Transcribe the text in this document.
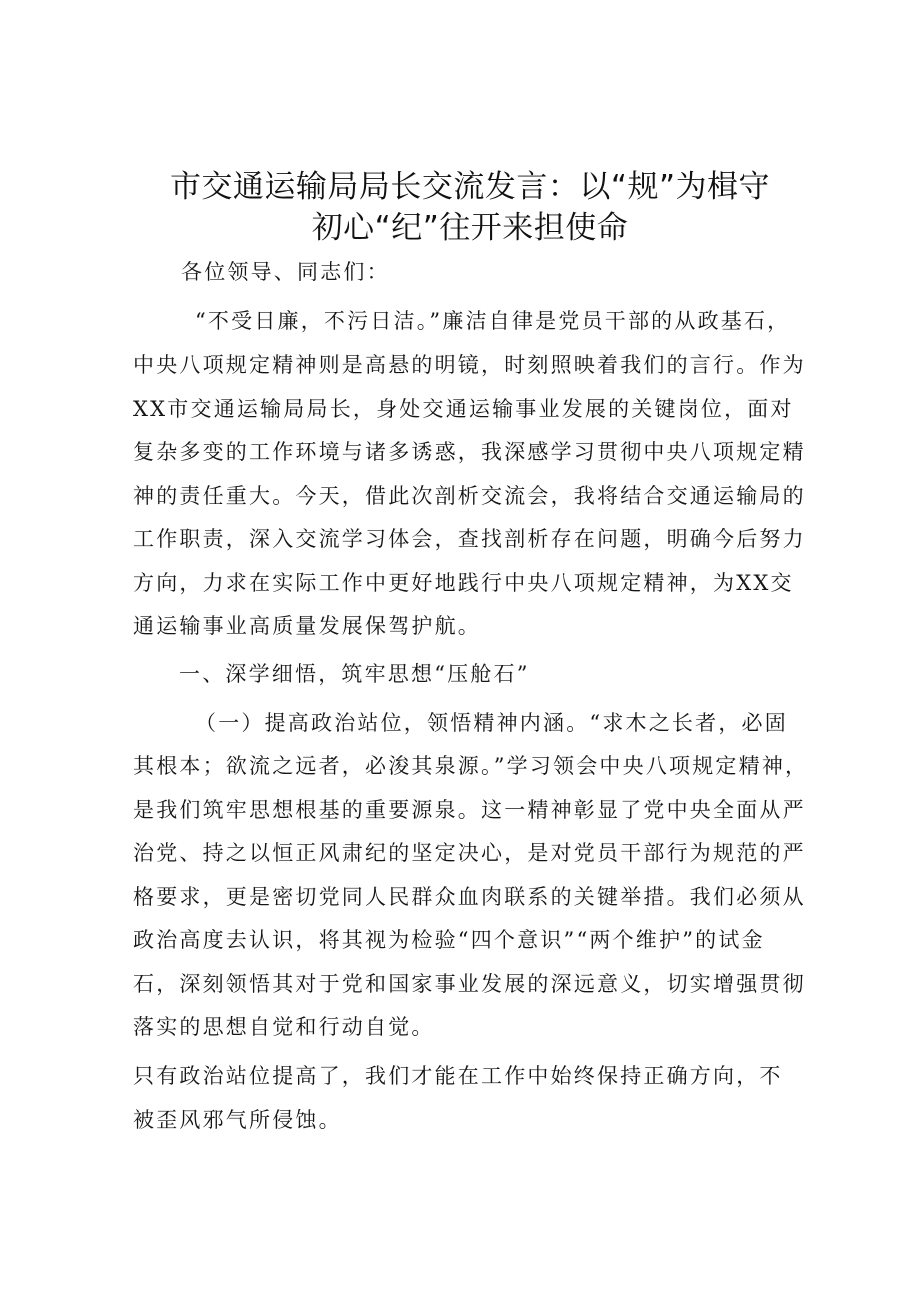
市交通运输局局长交流发言：以“规”为楫守
初心“纪”往开来担使命
各位领导、同志们：
“不受日廉，不污日洁。”廉洁自律是党员干部的从政基石，
中央八项规定精神则是高悬的明镜，时刻照映着我们的言行。作为
XX市交通运输局局长，身处交通运输事业发展的关键岗位，面对
复杂多变的工作环境与诸多诱惑，我深感学习贯彻中央八项规定精
神的责任重大。今天，借此次剖析交流会，我将结合交通运输局的
工作职责，深入交流学习体会，查找剖析存在问题，明确今后努力
方向，力求在实际工作中更好地践行中央八项规定精神，为XX交
通运输事业高质量发展保驾护航。
一、深学细悟，筑牢思想“压舱石”
（一）提高政治站位，领悟精神内涵。“求木之长者，必固
其根本；欲流之远者，必浚其泉源。”学习领会中央八项规定精神，
是我们筑牢思想根基的重要源泉。这一精神彰显了党中央全面从严
治党、持之以恒正风肃纪的坚定决心，是对党员干部行为规范的严
格要求，更是密切党同人民群众血肉联系的关键举措。我们必须从
政治高度去认识，将其视为检验“四个意识”“两个维护”的试金
石，深刻领悟其对于党和国家事业发展的深远意义，切实增强贯彻
落实的思想自觉和行动自觉。
只有政治站位提高了，我们才能在工作中始终保持正确方向，不
被歪风邪气所侵蚀。
